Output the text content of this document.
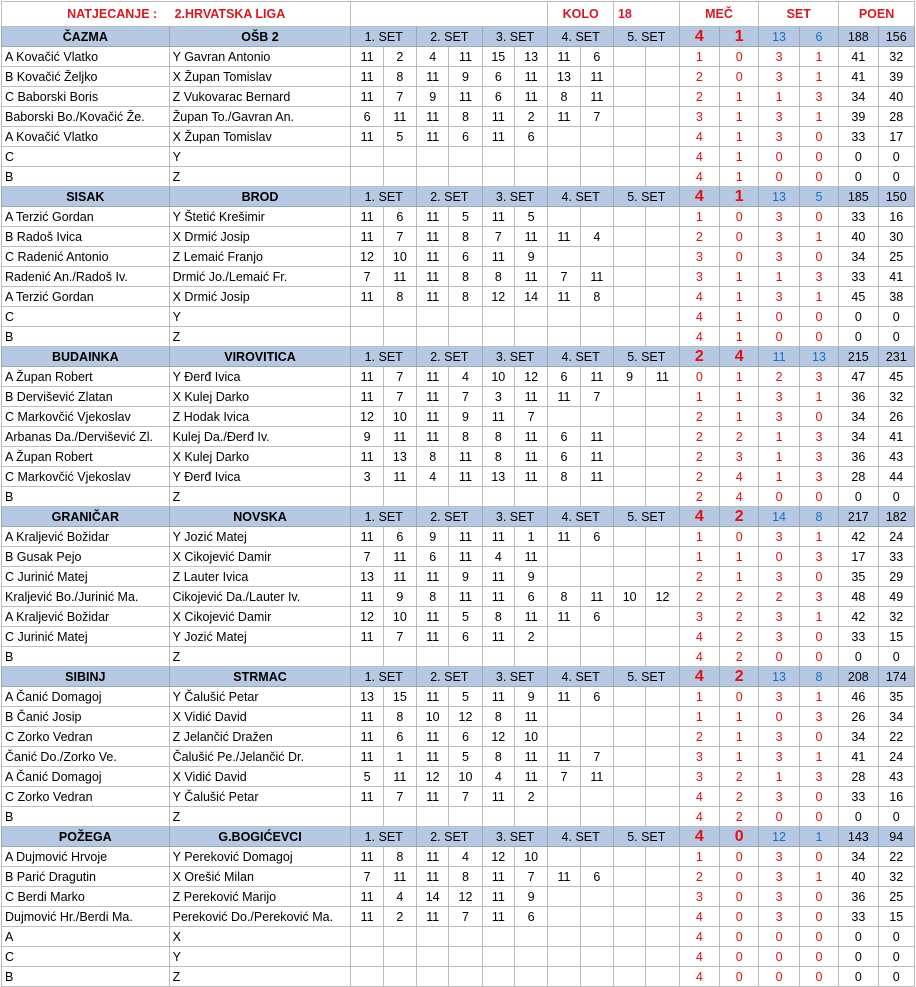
NATJECANJE : 2.HRVATSKA LIGA								KOLO		18		MEČ		SET		POEN	
ČAZMA	OŠB 2	1. SET		2. SET		3. SET		4. SET		5. SET		4	1	13	6	188	156
A Kovačić Vlatko	Y Gavran Antonio	11	2	4	11	15	13	11	6			1	0	3	1	41	32
B Kovačić Željko	X Župan Tomislav	11	8	11	9	6	11	13	11			2	0	3	1	41	39
C Baborski Boris	Z Vukovarac Bernard	11	7	9	11	6	11	8	11			2	1	1	3	34	40
Baborski Bo./Kovačić Že.	Župan To./Gavran An.	6	11	11	8	11	2	11	7			3	1	3	1	39	28
A Kovačić Vlatko	X Župan Tomislav	11	5	11	6	11	6					4	1	3	0	33	17
C	Y											4	1	0	0	0	0
B	Z											4	1	0	0	0	0
SISAK	BROD	1. SET		2. SET		3. SET		4. SET		5. SET		4	1	13	5	185	150
A Terzić Gordan	Y Štetić Krešimir	11	6	11	5	11	5					1	0	3	0	33	16
B Radoš Ivica	X Drmić Josip	11	7	11	8	7	11	11	4			2	0	3	1	40	30
C Radenić Antonio	Z Lemaić Franjo	12	10	11	6	11	9					3	0	3	0	34	25
Radenić An./Radoš Iv.	Drmić Jo./Lemaić Fr.	7	11	11	8	8	11	7	11			3	1	1	3	33	41
A Terzić Gordan	X Drmić Josip	11	8	11	8	12	14	11	8			4	1	3	1	45	38
C	Y											4	1	0	0	0	0
B	Z											4	1	0	0	0	0
BUDAINKA	VIROVITICA	1. SET		2. SET		3. SET		4. SET		5. SET		2	4	11	13	215	231
A Župan Robert	Y Đerđ Ivica	11	7	11	4	10	12	6	11	9	11	0	1	2	3	47	45
B Dervišević Zlatan	X Kulej Darko	11	7	11	7	3	11	11	7			1	1	3	1	36	32
C Markovčić Vjekoslav	Z Hodak Ivica	12	10	11	9	11	7					2	1	3	0	34	26
Arbanas Da./Dervišević Zl.	Kulej Da./Đerđ Iv.	9	11	11	8	8	11	6	11			2	2	1	3	34	41
A Župan Robert	X Kulej Darko	11	13	8	11	8	11	6	11			2	3	1	3	36	43
C Markovčić Vjekoslav	Y Đerđ Ivica	3	11	4	11	13	11	8	11			2	4	1	3	28	44
B	Z											2	4	0	0	0	0
GRANIČAR	NOVSKA	1. SET		2. SET		3. SET		4. SET		5. SET		4	2	14	8	217	182
A Kraljević Božidar	Y Jozić Matej	11	6	9	11	11	1	11	6			1	0	3	1	42	24
B Gusak Pejo	X Cikojević Damir	7	11	6	11	4	11					1	1	0	3	17	33
C Jurinić Matej	Z Lauter Ivica	13	11	11	9	11	9					2	1	3	0	35	29
Kraljević Bo./Jurinić Ma.	Cikojević Da./Lauter Iv.	11	9	8	11	11	6	8	11	10	12	2	2	2	3	48	49
A Kraljević Božidar	X Cikojević Damir	12	10	11	5	8	11	11	6			3	2	3	1	42	32
C Jurinić Matej	Y Jozić Matej	11	7	11	6	11	2					4	2	3	0	33	15
B	Z											4	2	0	0	0	0
SIBINJ	STRMAC	1. SET		2. SET		3. SET		4. SET		5. SET		4	2	13	8	208	174
A Čanić Domagoj	Y Čalušić Petar	13	15	11	5	11	9	11	6			1	0	3	1	46	35
B Čanić Josip	X Vidić David	11	8	10	12	8	11					1	1	0	3	26	34
C Zorko Vedran	Z Jelančić Dražen	11	6	11	6	12	10					2	1	3	0	34	22
Čanić Do./Zorko Ve.	Čalušić Pe./Jelančić Dr.	11	1	11	5	8	11	11	7			3	1	3	1	41	24
A Čanić Domagoj	X Vidić David	5	11	12	10	4	11	7	11			3	2	1	3	28	43
C Zorko Vedran	Y Čalušić Petar	11	7	11	7	11	2					4	2	3	0	33	16
B	Z											4	2	0	0	0	0
POŽEGA	G.BOGIĆEVCI	1. SET		2. SET		3. SET		4. SET		5. SET		4	0	12	1	143	94
A Dujmović Hrvoje	Y Pereković Domagoj	11	8	11	4	12	10					1	0	3	0	34	22
B Parić Dragutin	X Orešić Milan	7	11	11	8	11	7	11	6			2	0	3	1	40	32
C Berdi Marko	Z Pereković Marijo	11	4	14	12	11	9					3	0	3	0	36	25
Dujmović Hr./Berdi Ma.	Pereković Do./Pereković Ma.	11	2	11	7	11	6					4	0	3	0	33	15
A	X											4	0	0	0	0	0
C	Y											4	0	0	0	0	0
B	Z											4	0	0	0	0	0
